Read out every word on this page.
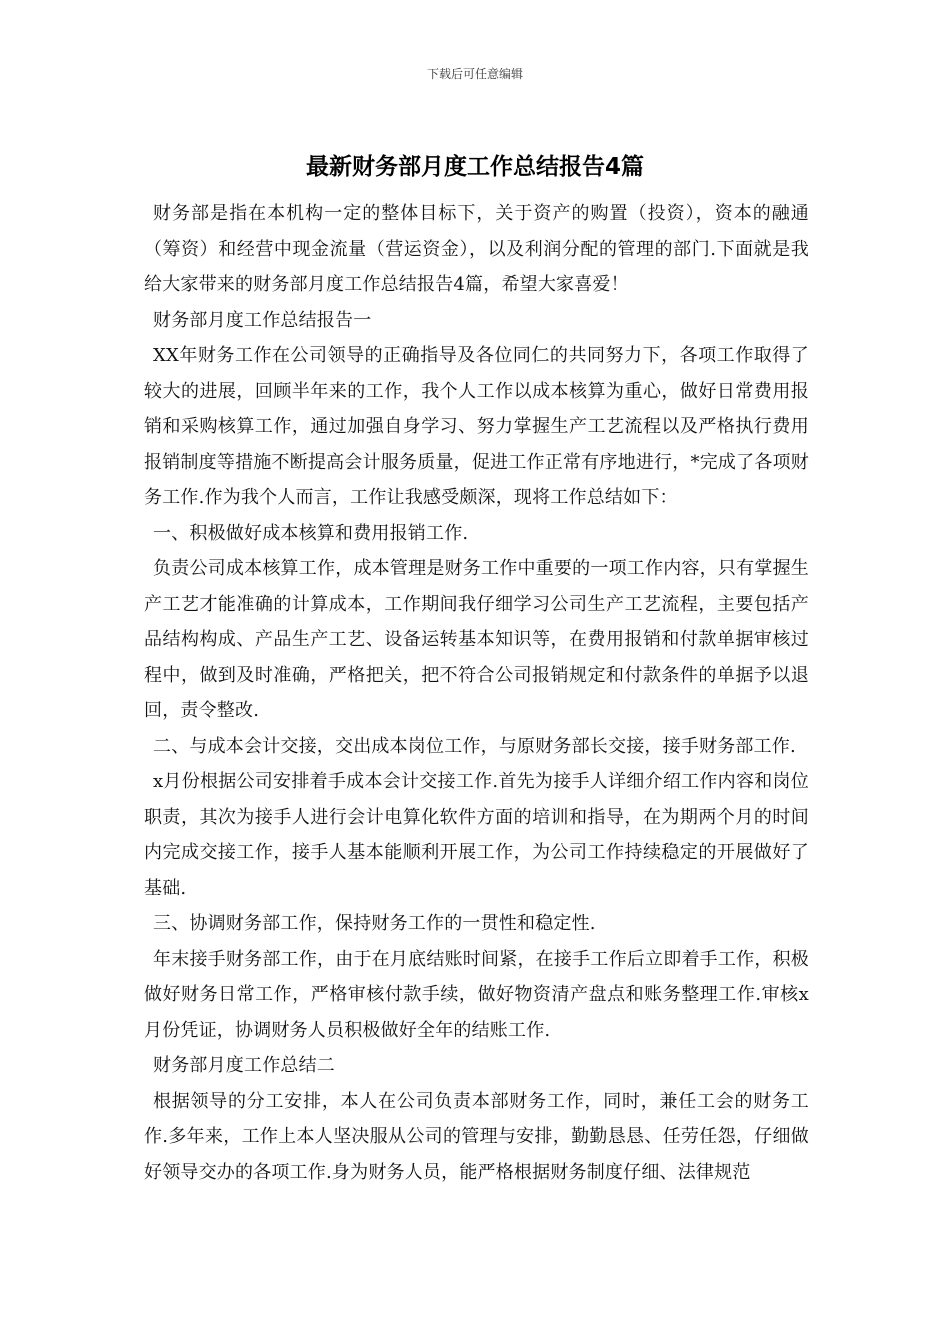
下载后可任意编辑
最新财务部月度工作总结报告4篇

财务部是指在本机构一定的整体目标下，关于资产的购置（投资），资本的融通（筹资）和经营中现金流量（营运资金），以及利润分配的管理的部门.下面就是我给大家带来的财务部月度工作总结报告4篇，希望大家喜爱！

财务部月度工作总结报告一

XX年财务工作在公司领导的正确指导及各位同仁的共同努力下，各项工作取得了较大的进展，回顾半年来的工作，我个人工作以成本核算为重心，做好日常费用报销和采购核算工作，通过加强自身学习、努力掌握生产工艺流程以及严格执行费用报销制度等措施不断提高会计服务质量，促进工作正常有序地进行，*完成了各项财务工作.作为我个人而言，工作让我感受颇深，现将工作总结如下：

一、积极做好成本核算和费用报销工作.

负责公司成本核算工作，成本管理是财务工作中重要的一项工作内容，只有掌握生产工艺才能准确的计算成本，工作期间我仔细学习公司生产工艺流程，主要包括产品结构构成、产品生产工艺、设备运转基本知识等，在费用报销和付款单据审核过程中，做到及时准确，严格把关，把不符合公司报销规定和付款条件的单据予以退回，责令整改.

二、与成本会计交接，交出成本岗位工作，与原财务部长交接，接手财务部工作.

x月份根据公司安排着手成本会计交接工作.首先为接手人详细介绍工作内容和岗位职责，其次为接手人进行会计电算化软件方面的培训和指导，在为期两个月的时间内完成交接工作，接手人基本能顺利开展工作，为公司工作持续稳定的开展做好了基础.

三、协调财务部工作，保持财务工作的一贯性和稳定性.

年末接手财务部工作，由于在月底结账时间紧，在接手工作后立即着手工作，积极做好财务日常工作，严格审核付款手续，做好物资清产盘点和账务整理工作.审核x月份凭证，协调财务人员积极做好全年的结账工作.

财务部月度工作总结二

根据领导的分工安排，本人在公司负责本部财务工作，同时，兼任工会的财务工作.多年来，工作上本人坚决服从公司的管理与安排，勤勤恳恳、任劳任怨，仔细做好领导交办的各项工作.身为财务人员，能严格根据财务制度仔细、法律规范
